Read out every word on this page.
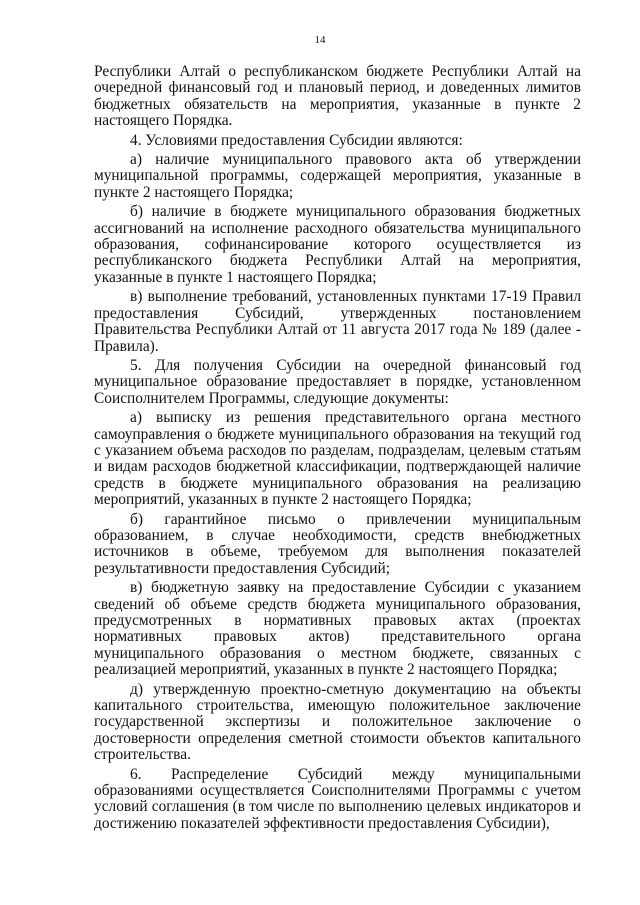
14

Республики Алтай о республиканском бюджете Республики Алтай на очередной финансовый год и плановый период, и доведенных лимитов бюджетных обязательств на мероприятия, указанные в пункте 2 настоящего Порядка.

4. Условиями предоставления Субсидии являются:

а) наличие муниципального правового акта об утверждении муниципальной программы, содержащей мероприятия, указанные в пункте 2 настоящего Порядка;

б) наличие в бюджете муниципального образования бюджетных ассигнований на исполнение расходного обязательства муниципального образования, софинансирование которого осуществляется из республиканского бюджета Республики Алтай на мероприятия, указанные в пункте 1 настоящего Порядка;

в) выполнение требований, установленных пунктами 17-19 Правил предоставления Субсидий, утвержденных постановлением Правительства Республики Алтай от 11 августа 2017 года № 189 (далее - Правила).

5. Для получения Субсидии на очередной финансовый год муниципальное образование предоставляет в порядке, установленном Соисполнителем Программы, следующие документы:

а) выписку из решения представительного органа местного самоуправления о бюджете муниципального образования на текущий год с указанием объема расходов по разделам, подразделам, целевым статьям и видам расходов бюджетной классификации, подтверждающей наличие средств в бюджете муниципального образования на реализацию мероприятий, указанных в пункте 2 настоящего Порядка;

б) гарантийное письмо о привлечении муниципальным образованием, в случае необходимости, средств внебюджетных источников в объеме, требуемом для выполнения показателей результативности предоставления Субсидий;

в) бюджетную заявку на предоставление Субсидии с указанием сведений об объеме средств бюджета муниципального образования, предусмотренных в нормативных правовых актах (проектах нормативных правовых актов) представительного органа муниципального образования о местном бюджете, связанных с реализацией мероприятий, указанных в пункте 2 настоящего Порядка;

д) утвержденную проектно-сметную документацию на объекты капитального строительства, имеющую положительное заключение государственной экспертизы и положительное заключение о достоверности определения сметной стоимости объектов капитального строительства.

6. Распределение Субсидий между муниципальными образованиями осуществляется Соисполнителями Программы с учетом условий соглашения (в том числе по выполнению целевых индикаторов и достижению показателей эффективности предоставления Субсидии),
